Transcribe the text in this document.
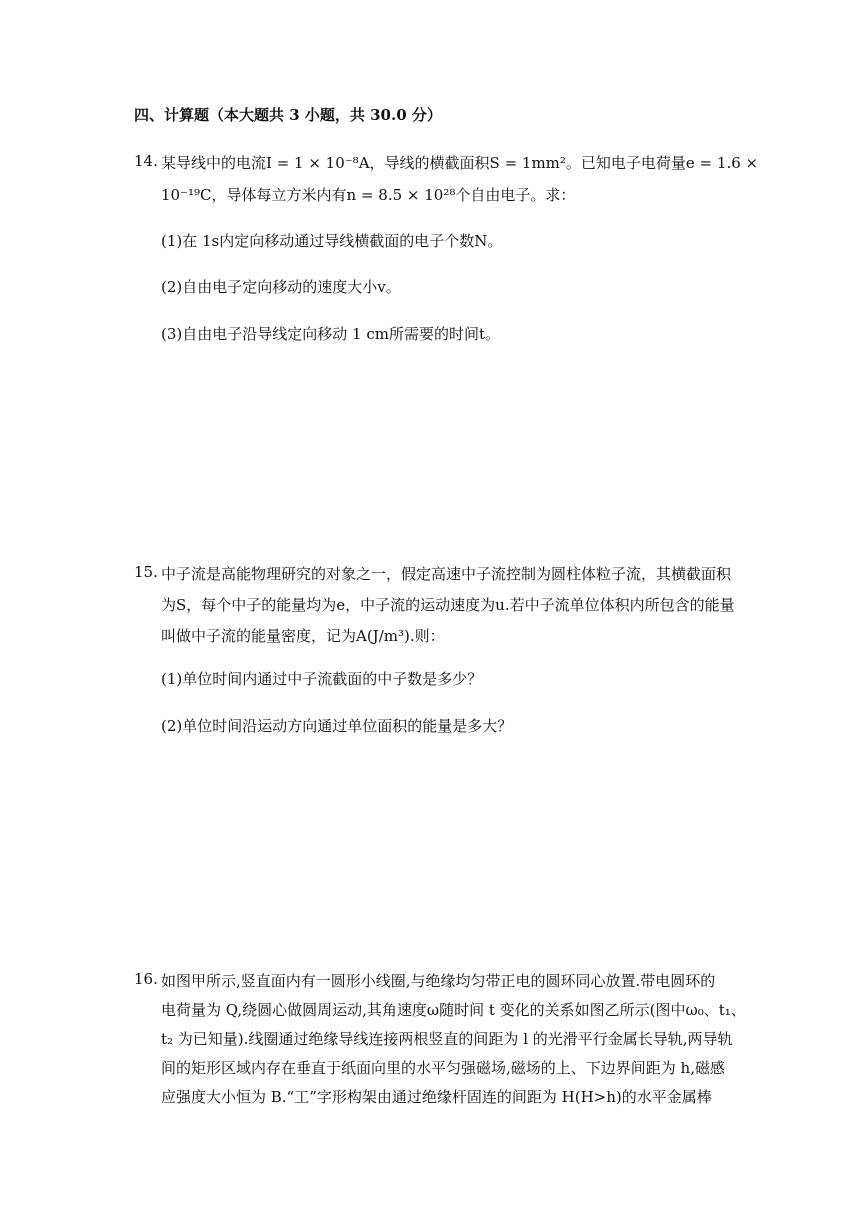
四、计算题（本大题共 3 小题，共 30.0 分）
14. 某导线中的电流I = 1 × 10⁻⁸A，导线的横截面积S = 1mm²。已知电子电荷量e = 1.6 ×
10⁻¹⁹C，导体每立方米内有n = 8.5 × 10²⁸个自由电子。求：
(1)在 1s内定向移动通过导线横截面的电子个数N。
(2)自由电子定向移动的速度大小v。
(3)自由电子沿导线定向移动 1 cm所需要的时间t。
15. 中子流是高能物理研究的对象之一，假定高速中子流控制为圆柱体粒子流，其横截面积
为S，每个中子的能量均为e，中子流的运动速度为u.若中子流单位体积内所包含的能量
叫做中子流的能量密度，记为A(J/m³).则：
(1)单位时间内通过中子流截面的中子数是多少？
(2)单位时间沿运动方向通过单位面积的能量是多大？
16. 如图甲所示,竖直面内有一圆形小线圈,与绝缘均匀带正电的圆环同心放置.带电圆环的
电荷量为 Q,绕圆心做圆周运动,其角速度ω随时间 t 变化的关系如图乙所示(图中ω₀、t₁、
t₂ 为已知量).线圈通过绝缘导线连接两根竖直的间距为 l 的光滑平行金属长导轨,两导轨
间的矩形区域内存在垂直于纸面向里的水平匀强磁场,磁场的上、下边界间距为 h,磁感
应强度大小恒为 B.“工”字形构架由通过绝缘杆固连的间距为 H(H>h)的水平金属棒
